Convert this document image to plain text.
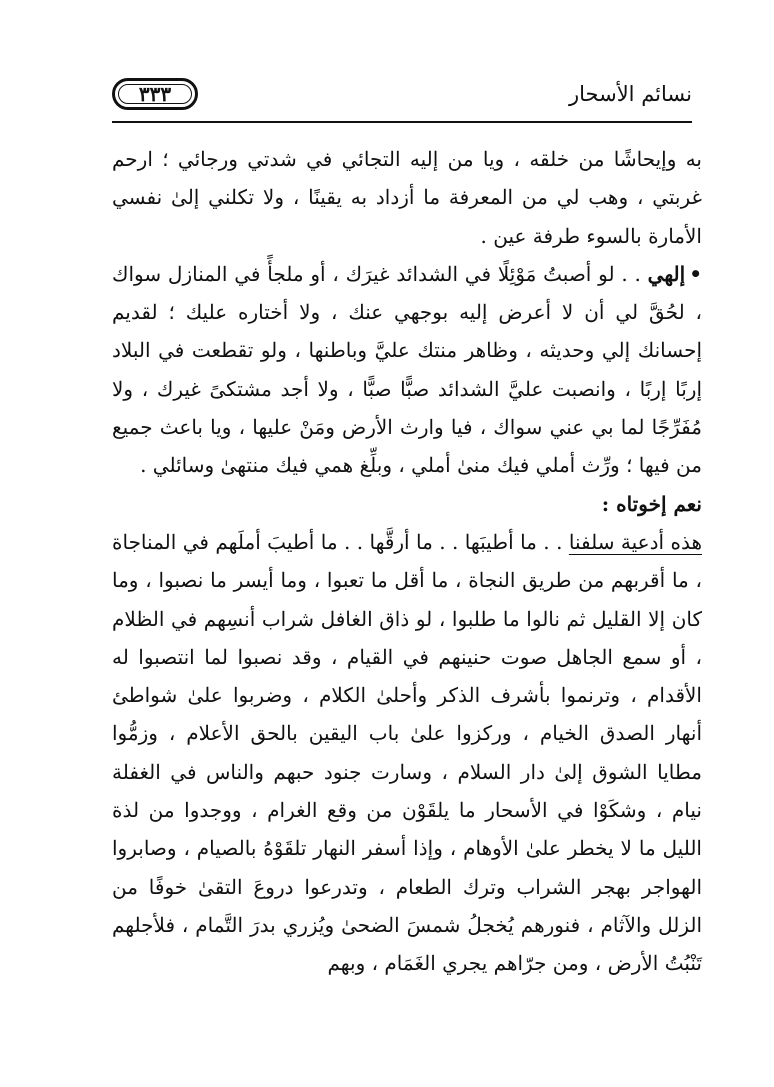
نسائم الأسحار
٣٣٣

به وإيحاشًا من خلقه ، ويا من إليه التجائي في شدتي ورجائي ؛ ارحم غربتي ، وهب لي من المعرفة ما أزداد به يقينًا ، ولا تكلني إلىٰ نفسي الأمارة بالسوء طرفة عين .

•إلهي . . لو أصبتُ مَوْئِلًا في الشدائد غيرَك ، أو ملجأً في المنازل سواك ، لحُقَّ لي أن لا أعرض إليه بوجهي عنك ، ولا أختاره عليك ؛ لقديم إحسانك إلي وحديثه ، وظاهر منتك عليَّ وباطنها ، ولو تقطعت في البلاد إربًا إربًا ، وانصبت عليَّ الشدائد صبًّا صبًّا ، ولا أجد مشتكىً غيرك ، ولا مُفَرِّجًا لما بي عني سواك ، فيا وارث الأرض ومَنْ عليها ، ويا باعث جميع من فيها ؛ ورِّث أملي فيك منىٰ أملي ، وبلِّغ همي فيك منتهىٰ وسائلي .

نعم إخوتاه :

هذه أدعية سلفنا . . ما أطيبَها . . ما أرقَّها . . ما أطيبَ أملَهم في المناجاة ، ما أقربهم من طريق النجاة ، ما أقل ما تعبوا ، وما أيسر ما نصبوا ، وما كان إلا القليل ثم نالوا ما طلبوا ، لو ذاق الغافل شراب أنسِهم في الظلام ، أو سمع الجاهل صوت حنينهم في القيام ، وقد نصبوا لما انتصبوا له الأقدام ، وترنموا بأشرف الذكر وأحلىٰ الكلام ، وضربوا علىٰ شواطئ أنهار الصدق الخيام ، وركزوا علىٰ باب اليقين بالحق الأعلام ، وزمُّوا مطايا الشوق إلىٰ دار السلام ، وسارت جنود حبهم والناس في الغفلة نيام ، وشكَوْا في الأسحار ما يلقَوْن من وقع الغرام ، ووجدوا من لذة الليل ما لا يخطر علىٰ الأوهام ، وإذا أسفر النهار تلقَوْهُ بالصيام ، وصابروا الهواجر بهجر الشراب وترك الطعام ، وتدرعوا دروعَ التقىٰ خوفًا من الزلل والآثام ، فنورهم يُخجلُ شمسَ الضحىٰ ويُزري بدرَ التَّمام ، فلأجلهم تَنْبُتُ الأرض ، ومن جرّاهم يجري الغَمَام ، وبهم
